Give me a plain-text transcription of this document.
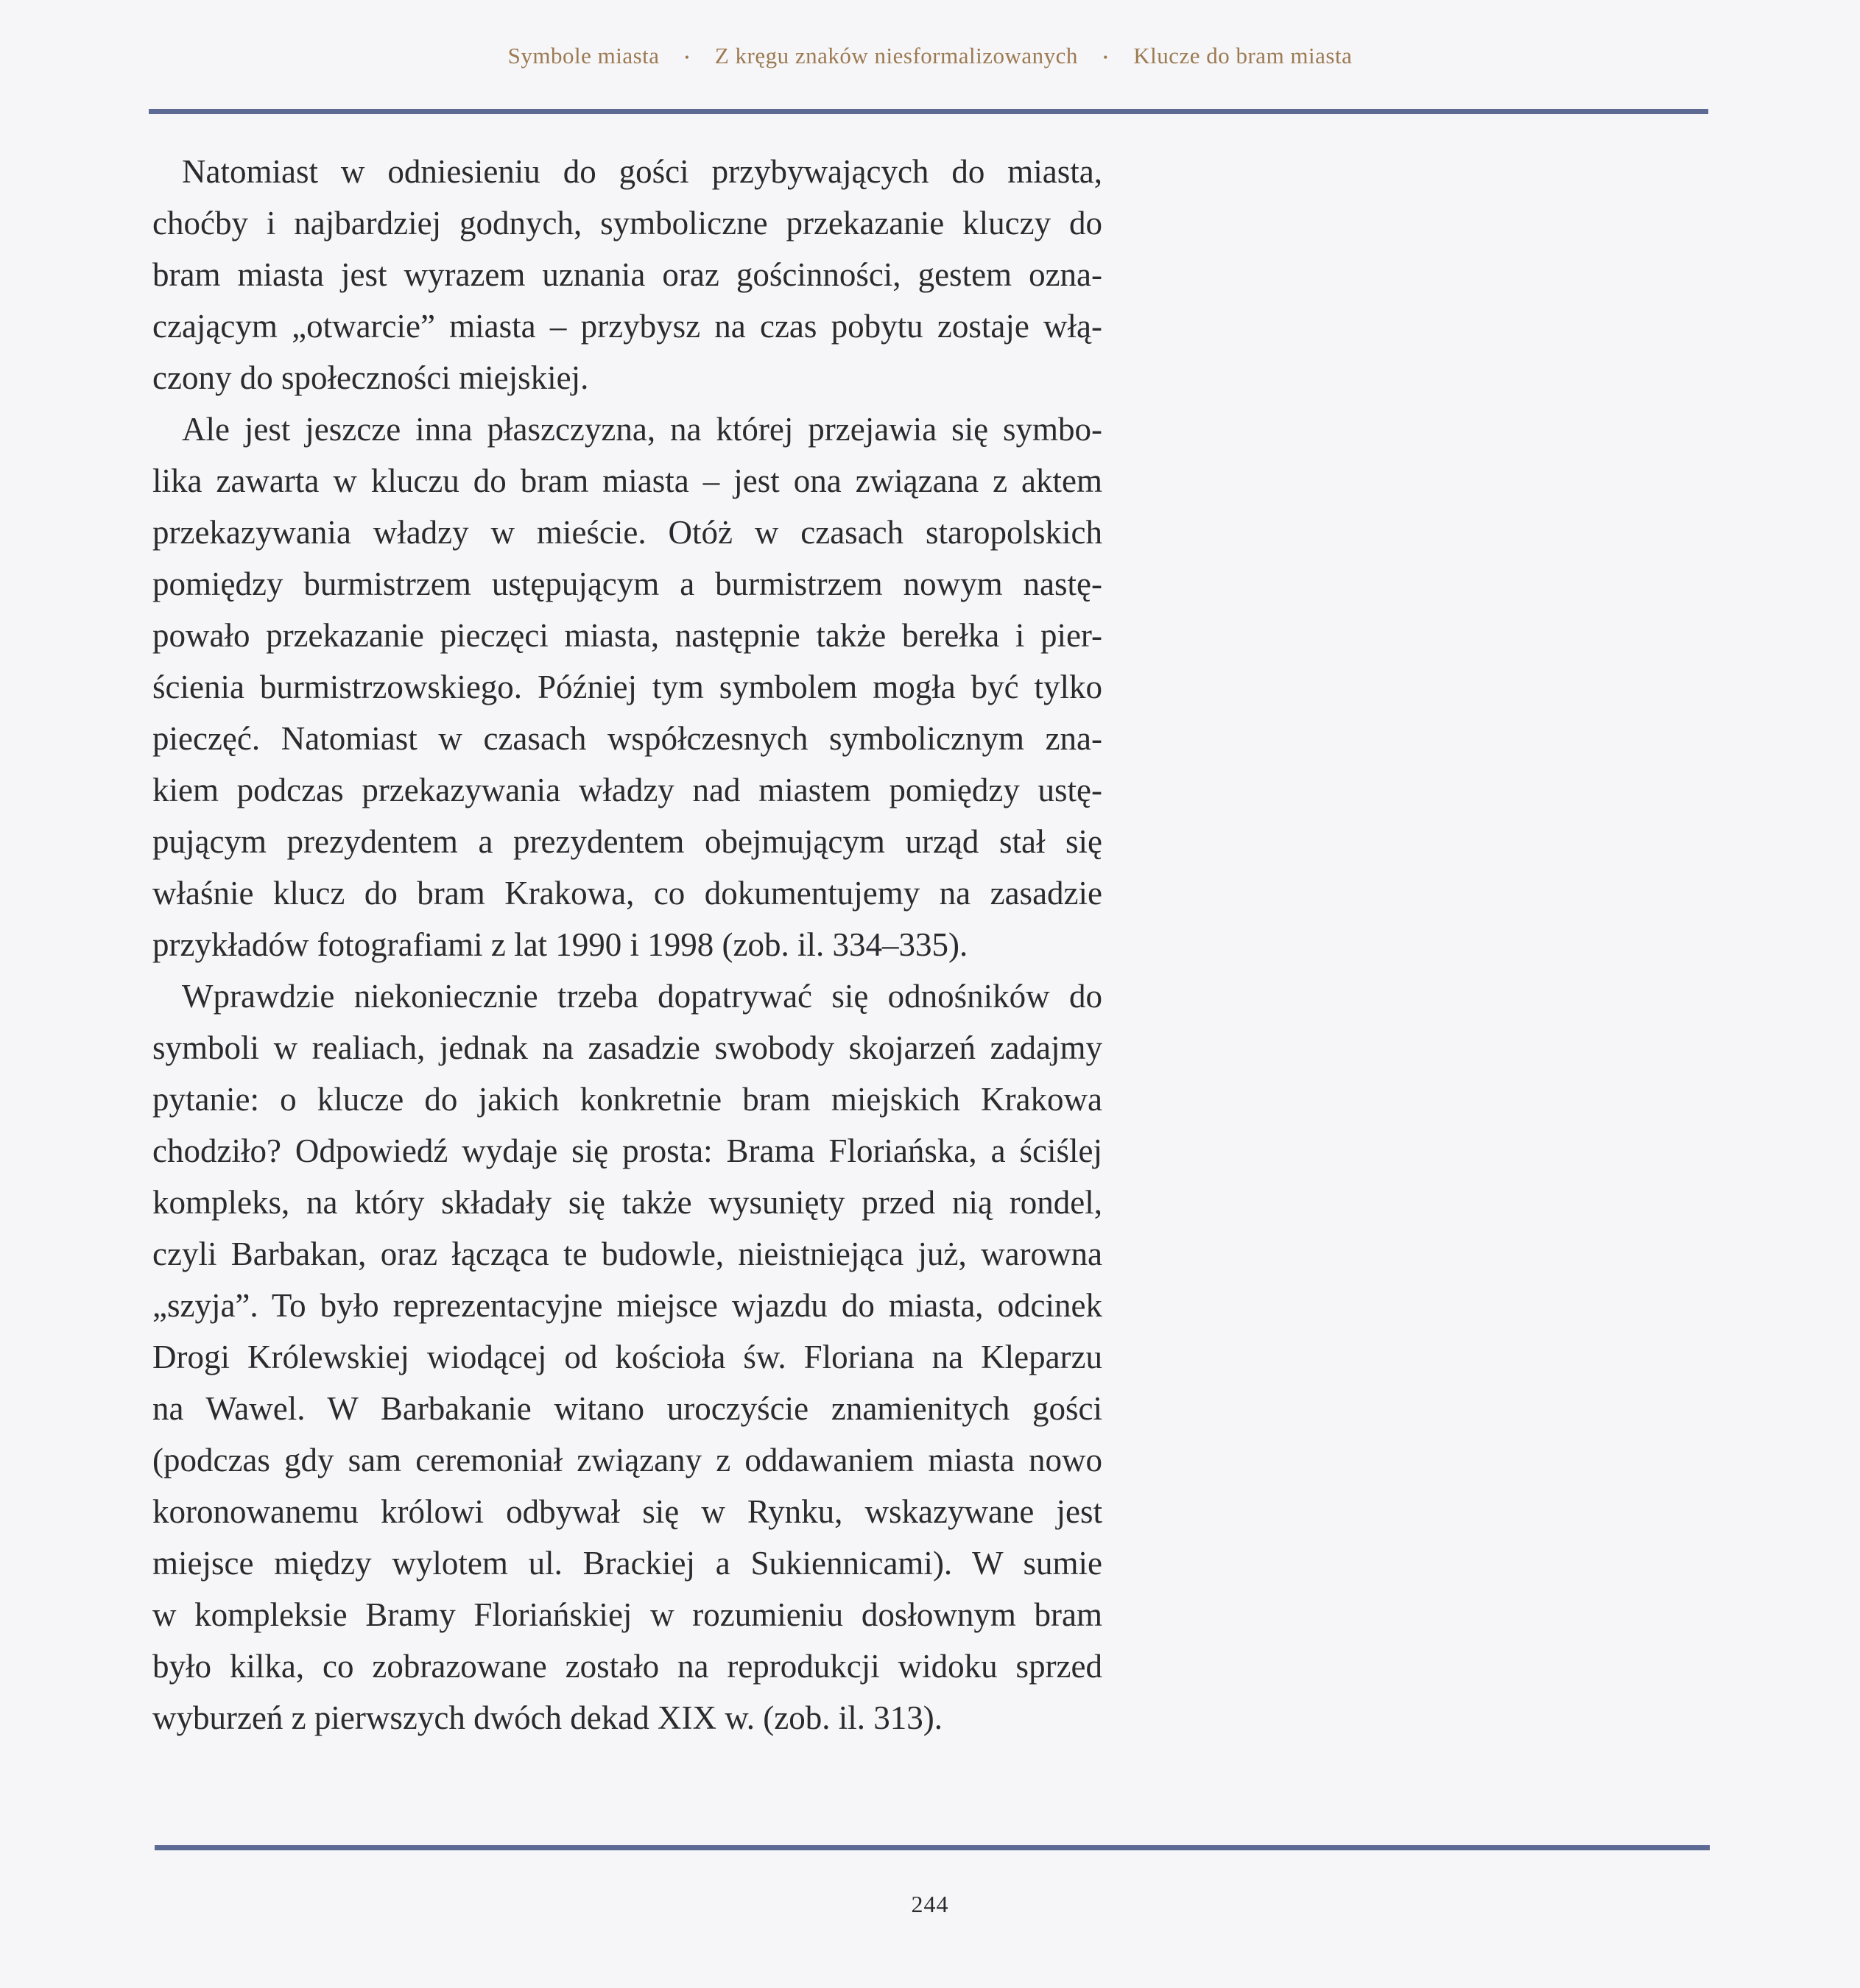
Symbole miasta • Z kręgu znaków niesformalizowanych • Klucze do bram miasta
Natomiast w odniesieniu do gości przybywających do miasta,
choćby i najbardziej godnych, symboliczne przekazanie kluczy do
bram miasta jest wyrazem uznania oraz gościnności, gestem ozna-
czającym „otwarcie” miasta – przybysz na czas pobytu zostaje włą-
czony do społeczności miejskiej.
Ale jest jeszcze inna płaszczyzna, na której przejawia się symbo-
lika zawarta w kluczu do bram miasta – jest ona związana z aktem
przekazywania władzy w mieście. Otóż w czasach staropolskich
pomiędzy burmistrzem ustępującym a burmistrzem nowym nastę-
powało przekazanie pieczęci miasta, następnie także berełka i pier-
ścienia burmistrzowskiego. Później tym symbolem mogła być tylko
pieczęć. Natomiast w czasach współczesnych symbolicznym zna-
kiem podczas przekazywania władzy nad miastem pomiędzy ustę-
pującym prezydentem a prezydentem obejmującym urząd stał się
właśnie klucz do bram Krakowa, co dokumentujemy na zasadzie
przykładów fotografiami z lat 1990 i 1998 (zob. il. 334–335).
Wprawdzie niekoniecznie trzeba dopatrywać się odnośników do
symboli w realiach, jednak na zasadzie swobody skojarzeń zadajmy
pytanie: o klucze do jakich konkretnie bram miejskich Krakowa
chodziło? Odpowiedź wydaje się prosta: Brama Floriańska, a ściślej
kompleks, na który składały się także wysunięty przed nią rondel,
czyli Barbakan, oraz łącząca te budowle, nieistniejąca już, warowna
„szyja”. To było reprezentacyjne miejsce wjazdu do miasta, odcinek
Drogi Królewskiej wiodącej od kościoła św. Floriana na Kleparzu
na Wawel. W Barbakanie witano uroczyście znamienitych gości
(podczas gdy sam ceremoniał związany z oddawaniem miasta nowo
koronowanemu królowi odbywał się w Rynku, wskazywane jest
miejsce między wylotem ul. Brackiej a Sukiennicami). W sumie
w kompleksie Bramy Floriańskiej w rozumieniu dosłownym bram
było kilka, co zobrazowane zostało na reprodukcji widoku sprzed
wyburzeń z pierwszych dwóch dekad XIX w. (zob. il. 313).
244
